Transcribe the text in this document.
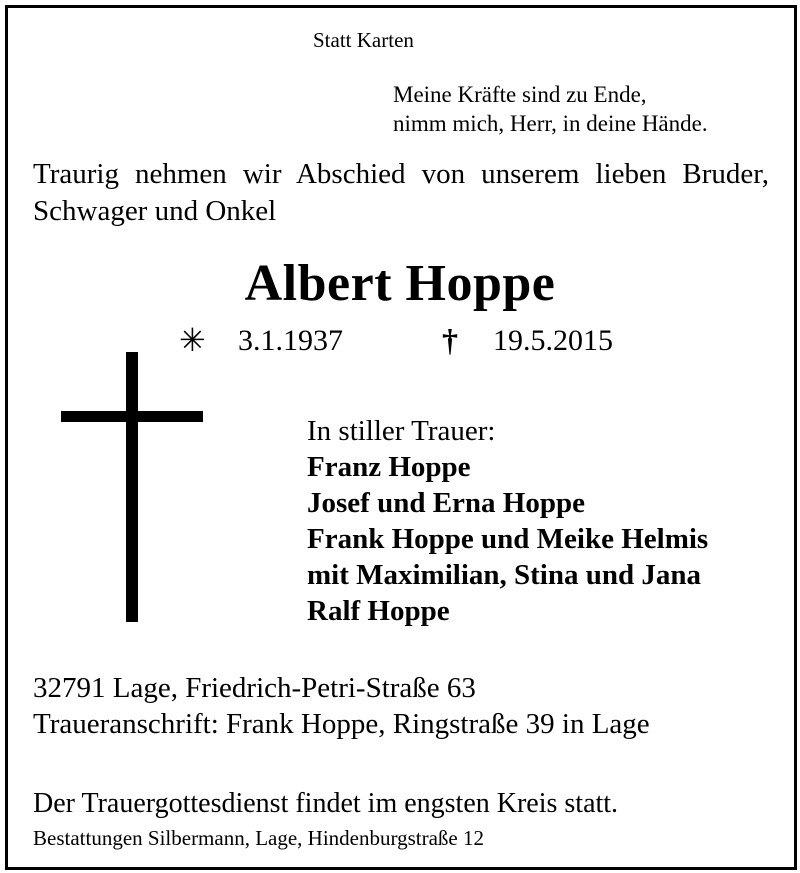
Statt Karten
Meine Kräfte sind zu Ende,
nimm mich, Herr, in deine Hände.
Traurig nehmen wir Abschied von unserem lieben Bruder, Schwager und Onkel
Albert Hoppe
✳ 3.1.1937	† 19.5.2015
In stiller Trauer:
Franz Hoppe
Josef und Erna Hoppe
Frank Hoppe und Meike Helmis
mit Maximilian, Stina und Jana
Ralf Hoppe
32791 Lage, Friedrich-Petri-Straße 63
Traueranschrift: Frank Hoppe, Ringstraße 39 in Lage
Der Trauergottesdienst findet im engsten Kreis statt.
Bestattungen Silbermann, Lage, Hindenburgstraße 12
